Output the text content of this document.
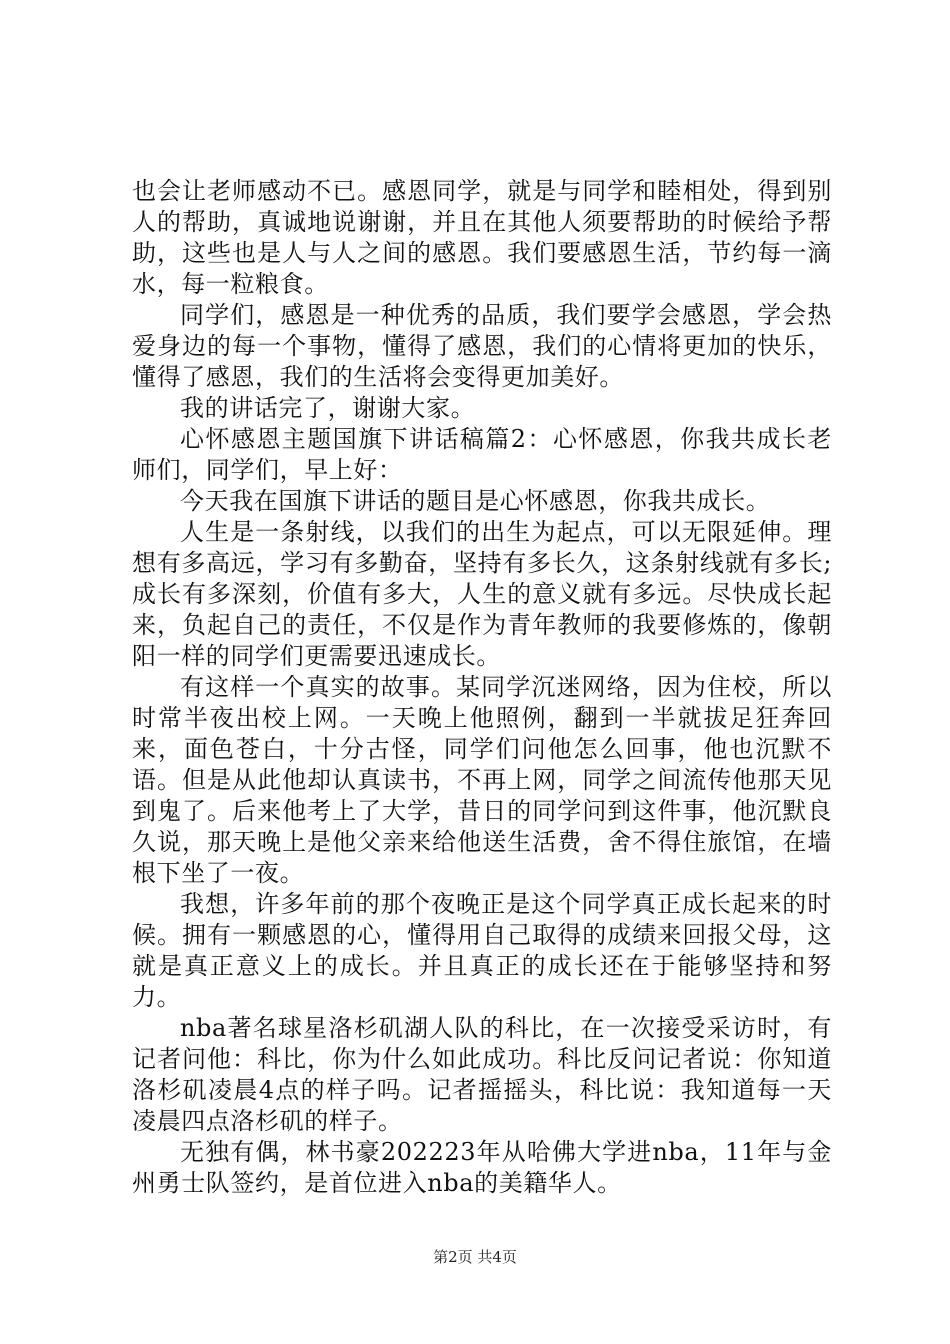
也会让老师感动不已。感恩同学，就是与同学和睦相处，得到别人的帮助，真诚地说谢谢，并且在其他人须要帮助的时候给予帮助，这些也是人与人之间的感恩。我们要感恩生活，节约每一滴水，每一粒粮食。

同学们，感恩是一种优秀的品质，我们要学会感恩，学会热爱身边的每一个事物，懂得了感恩，我们的心情将更加的快乐，懂得了感恩，我们的生活将会变得更加美好。

我的讲话完了，谢谢大家。

心怀感恩主题国旗下讲话稿篇2：心怀感恩，你我共成长老师们，同学们，早上好：

今天我在国旗下讲话的题目是心怀感恩，你我共成长。

人生是一条射线，以我们的出生为起点，可以无限延伸。理想有多高远，学习有多勤奋，坚持有多长久，这条射线就有多长;成长有多深刻，价值有多大，人生的意义就有多远。尽快成长起来，负起自己的责任，不仅是作为青年教师的我要修炼的，像朝阳一样的同学们更需要迅速成长。

有这样一个真实的故事。某同学沉迷网络，因为住校，所以时常半夜出校上网。一天晚上他照例，翻到一半就拔足狂奔回来，面色苍白，十分古怪，同学们问他怎么回事，他也沉默不语。但是从此他却认真读书，不再上网，同学之间流传他那天见到鬼了。后来他考上了大学，昔日的同学问到这件事，他沉默良久说，那天晚上是他父亲来给他送生活费，舍不得住旅馆，在墙根下坐了一夜。

我想，许多年前的那个夜晚正是这个同学真正成长起来的时候。拥有一颗感恩的心，懂得用自己取得的成绩来回报父母，这就是真正意义上的成长。并且真正的成长还在于能够坚持和努力。

nba著名球星洛杉矶湖人队的科比，在一次接受采访时，有记者问他：科比，你为什么如此成功。科比反问记者说：你知道洛杉矶凌晨4点的样子吗。记者摇摇头，科比说：我知道每一天凌晨四点洛杉矶的样子。

无独有偶，林书豪202223年从哈佛大学进nba，11年与金州勇士队签约，是首位进入nba的美籍华人。

第2页 共4页
